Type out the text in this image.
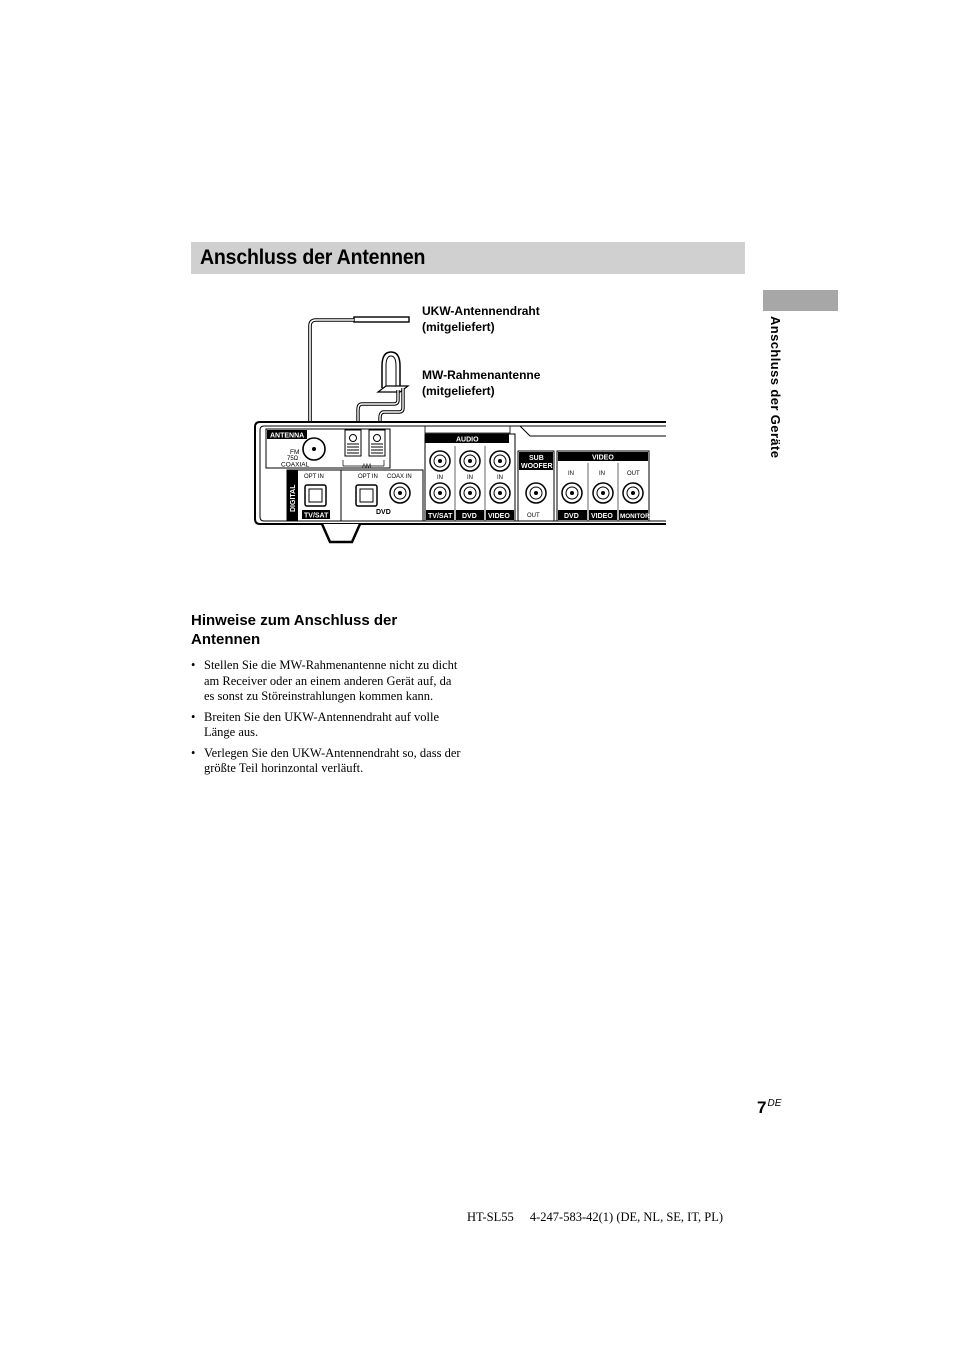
Anschluss der Antennen
Anschluss der Geräte
UKW-Antennendraht
(mitgeliefert)
MW-Rahmenantenne
(mitgeliefert)
ANTENNA
FM
75Ω
COAXIAL	AM
DIGITAL
OPT IN
TV/SAT
OPT IN COAX IN
DVD
AUDIO
IN	IN	IN
TV/SAT DVD VIDEO
SUB
WOOFER
OUT
VIDEO
IN	IN	OUT
DVD VIDEO MONITOR
Hinweise zum Anschluss der
Antennen
• Stellen Sie die MW-Rahmenantenne nicht zu dicht am Receiver oder an einem anderen Gerät auf, da es sonst zu Störeinstrahlungen kommen kann.
• Breiten Sie den UKW-Antennendraht auf volle Länge aus.
• Verlegen Sie den UKW-Antennendraht so, dass der größte Teil horinzontal verläuft.
7DE
HT-SL55 4-247-583-42(1) (DE, NL, SE, IT, PL)
